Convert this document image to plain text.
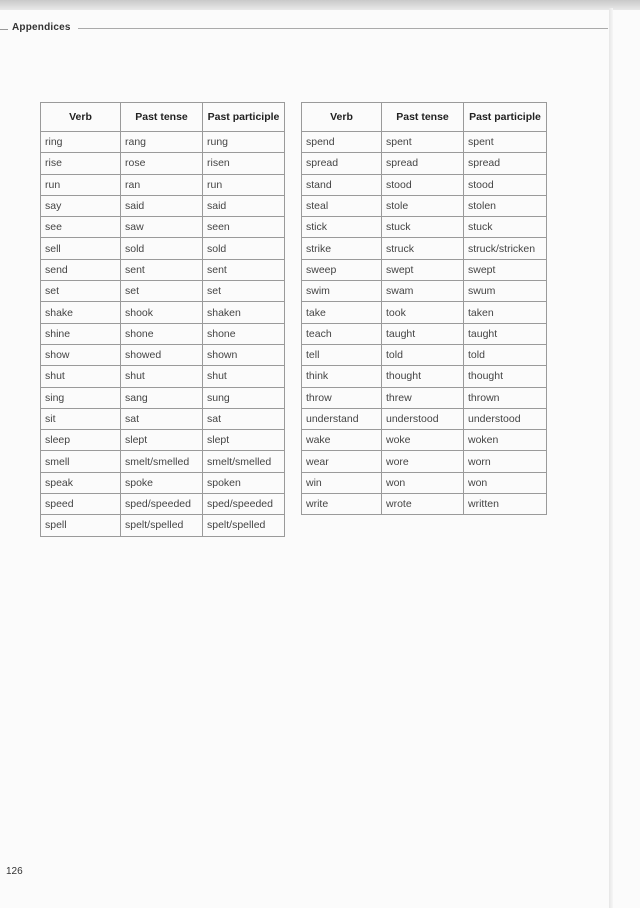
Appendices
Verb	Past tense	Past participle
ring	rang	rung
rise	rose	risen
run	ran	run
say	said	said
see	saw	seen
sell	sold	sold
send	sent	sent
set	set	set
shake	shook	shaken
shine	shone	shone
show	showed	shown
shut	shut	shut
sing	sang	sung
sit	sat	sat
sleep	slept	slept
smell	smelt/smelled	smelt/smelled
speak	spoke	spoken
speed	sped/speeded	sped/speeded
spell	spelt/spelled	spelt/spelled
Verb	Past tense	Past participle
spend	spent	spent
spread	spread	spread
stand	stood	stood
steal	stole	stolen
stick	stuck	stuck
strike	struck	struck/stricken
sweep	swept	swept
swim	swam	swum
take	took	taken
teach	taught	taught
tell	told	told
think	thought	thought
throw	threw	thrown
understand	understood	understood
wake	woke	woken
wear	wore	worn
win	won	won
write	wrote	written
126
